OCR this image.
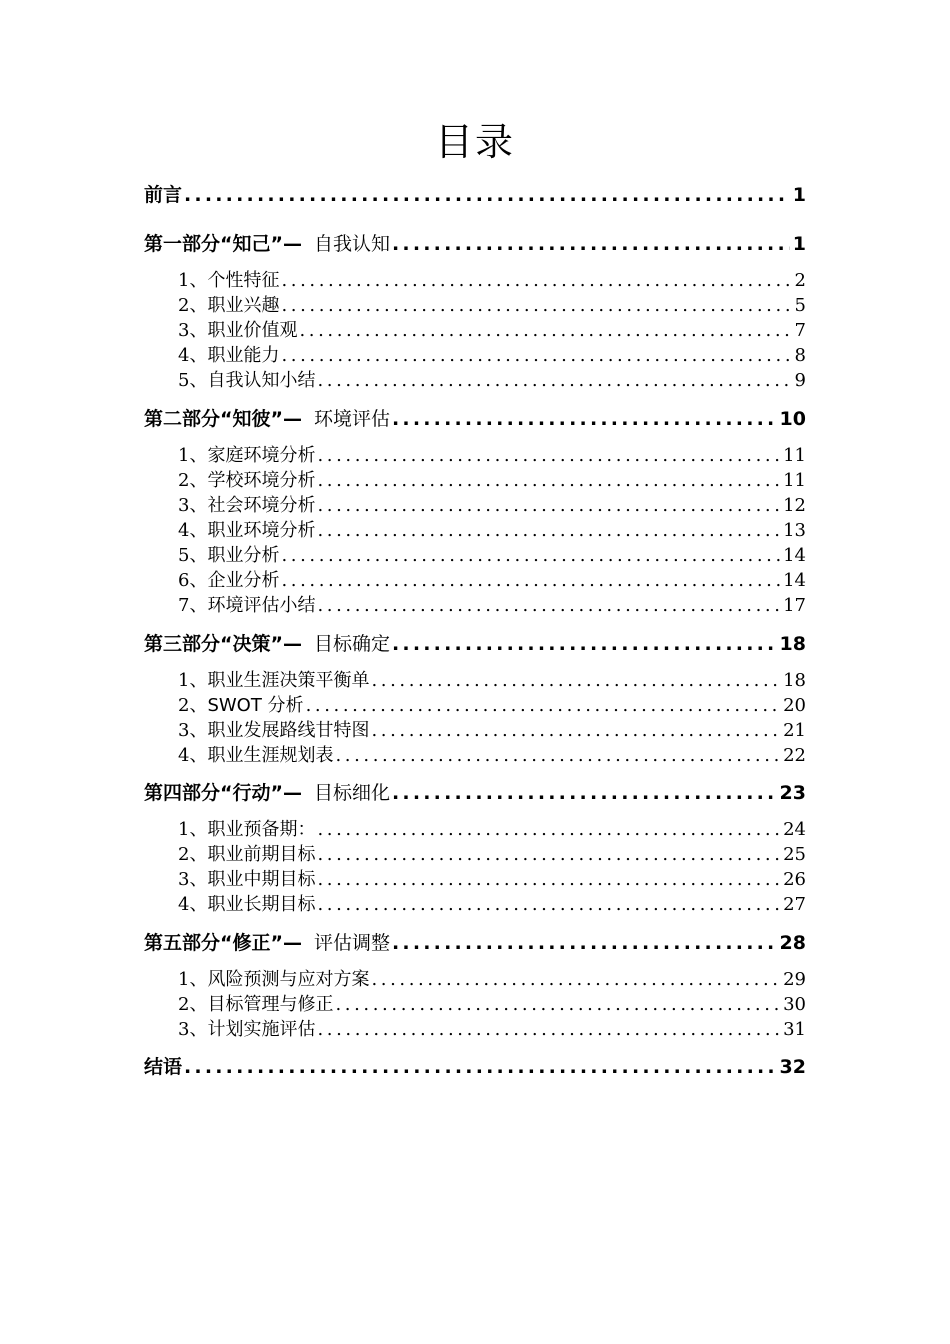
目录
前言 .....	1
第一部分“知己”— 自我认知 .....	1
1、 个性特征 .....	2
2、 职业兴趣 .....	5
3、 职业价值观 .....	7
4、 职业能力 .....	8
5、 自我认知小结 .....	9
第二部分“知彼”— 环境评估 .....	10
1、 家庭环境分析 .....	11
2、 学校环境分析 .....	11
3、 社会环境分析 .....	12
4、 职业环境分析 .....	13
5、 职业分析 .....	14
6、 企业分析 .....	14
7、 环境评估小结 .....	17
第三部分“决策”— 目标确定 .....	18
1、 职业生涯决策平衡单 .....	18
2、 SWOT 分析 .....	20
3、 职业发展路线甘特图 .....	21
4、 职业生涯规划表 .....	22
第四部分“行动”— 目标细化 .....	23
1、 职业预备期： .....	24
2、 职业前期目标 .....	25
3、 职业中期目标 .....	26
4、 职业长期目标 .....	27
第五部分“修正”— 评估调整 .....	28
1、 风险预测与应对方案 .....	29
2、 目标管理与修正 .....	30
3、 计划实施评估 .....	31
结语 .....	32
